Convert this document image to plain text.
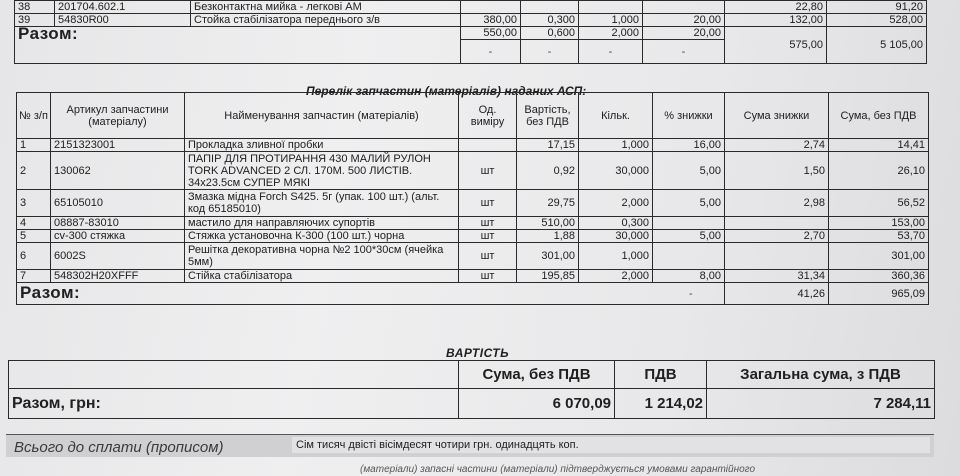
38	201704.602.1	Безконтактна мийка - легкові АМ					22,80	91,20
39	54830R00	Стойка стабілізатора переднього з/в	380,00	0,300	1,000	20,00	132,00	528,00
Разом:			550,00	0,600	2,000	20,00	575,00	5 105,00
			-	-	-	-		
Перелік запчастин (матеріалів) наданих АСП:
№ з/п	Артикул запчастини (матеріалу)	Найменування запчастин (матеріалів)	Од. виміру	Вартість, без ПДВ	Кільк.	% знижки	Сума знижки	Сума, без ПДВ
1	2151323001	Прокладка зливної пробки		17,15	1,000	16,00	2,74	14,41
2	130062	ПАПІР ДЛЯ ПРОТИРАННЯ 430 МАЛИЙ РУЛОН TORK ADVANCED 2 СЛ. 170М. 500 ЛИСТІВ. 34х23.5см СУПЕР МЯКІ	шт	0,92	30,000	5,00	1,50	26,10
3	65105010	Змазка мідна Forch S425. 5г (упак. 100 шт.) (альт. код 65185010)	шт	29,75	2,000	5,00	2,98	56,52
4	08887-83010	мастило для направляючих супортів	шт	510,00	0,300			153,00
5	cv-300 стяжка	Стяжка установочна К-300 (100 шт.) чорна	шт	1,88	30,000	5,00	2,70	53,70
6	6002S	Решітка декоративна чорна №2 100*30см (ячейка 5мм)	шт	301,00	1,000			301,00
7	548302H20XFFF	Стійка стабілізатора	шт	195,85	2,000	8,00	31,34	360,36
Разом: -							41,26	965,09
ВАРТІСТЬ
	Сума, без ПДВ	ПДВ	Загальна сума, з ПДВ
Разом, грн:	6 070,09	1 214,02	7 284,11
Всього до сплати (прописом)	Сім тисяч двісті вісімдесят чотири грн. одинадцять коп.
(матеріали) запасні частини (матеріали) підтверджується умовами гарантійного
